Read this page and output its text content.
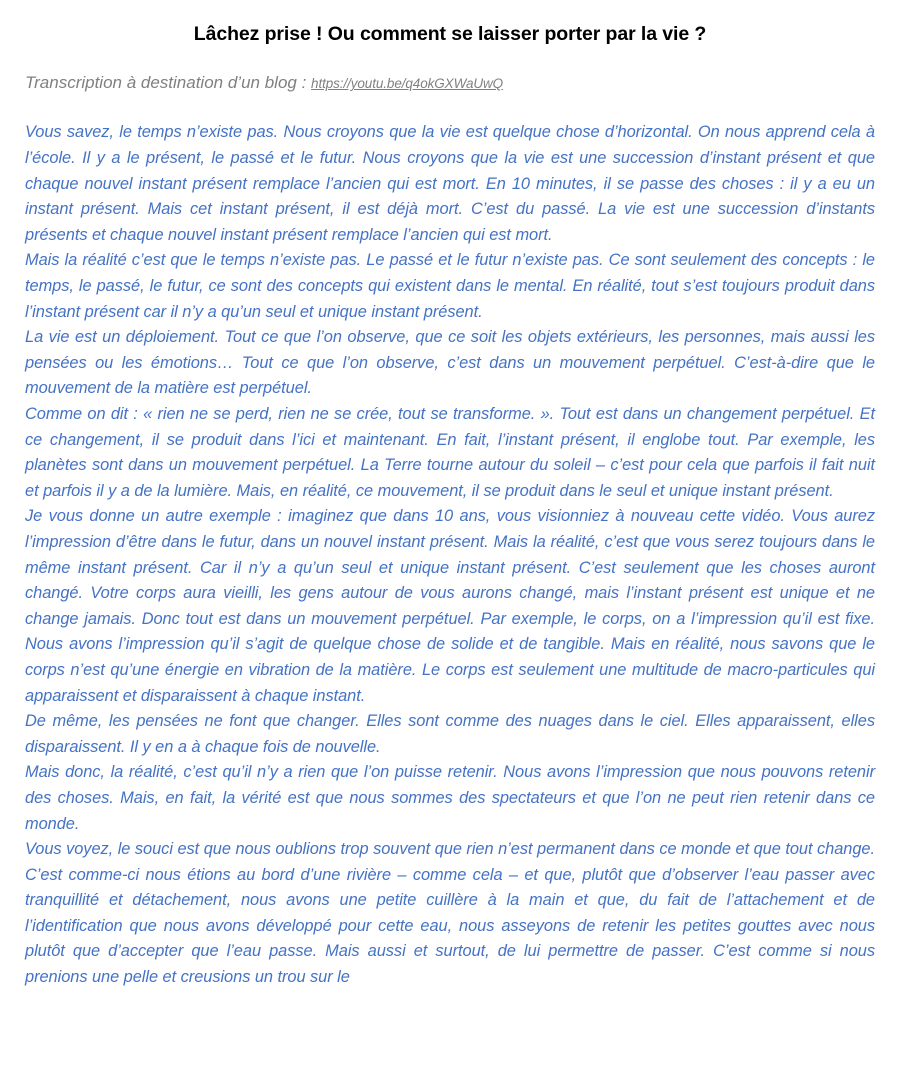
Lâchez prise ! Ou comment se laisser porter par la vie ?
Transcription à destination d’un blog : https://youtu.be/q4okGXWaUwQ

Vous savez, le temps n’existe pas. Nous croyons que la vie est quelque chose d’horizontal. On nous apprend cela à l’école. Il y a le présent, le passé et le futur. Nous croyons que la vie est une succession d’instant présent et que chaque nouvel instant présent remplace l’ancien qui est mort. En 10 minutes, il se passe des choses : il y a eu un instant présent. Mais cet instant présent, il est déjà mort. C’est du passé. La vie est une succession d’instants présents et chaque nouvel instant présent remplace l’ancien qui est mort.

Mais la réalité c’est que le temps n’existe pas. Le passé et le futur n’existe pas. Ce sont seulement des concepts : le temps, le passé, le futur, ce sont des concepts qui existent dans le mental. En réalité, tout s’est toujours produit dans l’instant présent car il n’y a qu’un seul et unique instant présent.

La vie est un déploiement. Tout ce que l’on observe, que ce soit les objets extérieurs, les personnes, mais aussi les pensées ou les émotions… Tout ce que l’on observe, c’est dans un mouvement perpétuel. C’est-à-dire que le mouvement de la matière est perpétuel.

Comme on dit : « rien ne se perd, rien ne se crée, tout se transforme. ». Tout est dans un changement perpétuel. Et ce changement, il se produit dans l’ici et maintenant. En fait, l’instant présent, il englobe tout. Par exemple, les planètes sont dans un mouvement perpétuel. La Terre tourne autour du soleil – c’est pour cela que parfois il fait nuit et parfois il y a de la lumière. Mais, en réalité, ce mouvement, il se produit dans le seul et unique instant présent.

Je vous donne un autre exemple : imaginez que dans 10 ans, vous visionniez à nouveau cette vidéo. Vous aurez l’impression d’être dans le futur, dans un nouvel instant présent. Mais la réalité, c’est que vous serez toujours dans le même instant présent. Car il n’y a qu’un seul et unique instant présent. C’est seulement que les choses auront changé. Votre corps aura vieilli, les gens autour de vous aurons changé, mais l’instant présent est unique et ne change jamais. Donc tout est dans un mouvement perpétuel. Par exemple, le corps, on a l’impression qu’il est fixe. Nous avons l’impression qu’il s’agit de quelque chose de solide et de tangible. Mais en réalité, nous savons que le corps n’est qu’une énergie en vibration de la matière. Le corps est seulement une multitude de macro-particules qui apparaissent et disparaissent à chaque instant.

De même, les pensées ne font que changer. Elles sont comme des nuages dans le ciel. Elles apparaissent, elles disparaissent. Il y en a à chaque fois de nouvelle.

Mais donc, la réalité, c’est qu’il n’y a rien que l’on puisse retenir. Nous avons l’impression que nous pouvons retenir des choses. Mais, en fait, la vérité est que nous sommes des spectateurs et que l’on ne peut rien retenir dans ce monde.

Vous voyez, le souci est que nous oublions trop souvent que rien n’est permanent dans ce monde et que tout change. C’est comme-ci nous étions au bord d’une rivière – comme cela – et que, plutôt que d’observer l’eau passer avec tranquillité et détachement, nous avons une petite cuillère à la main et que, du fait de l’attachement et de l’identification que nous avons développé pour cette eau, nous asseyons de retenir les petites gouttes avec nous plutôt que d’accepter que l’eau passe. Mais aussi et surtout, de lui permettre de passer. C’est comme si nous prenions une pelle et creusions un trou sur le
